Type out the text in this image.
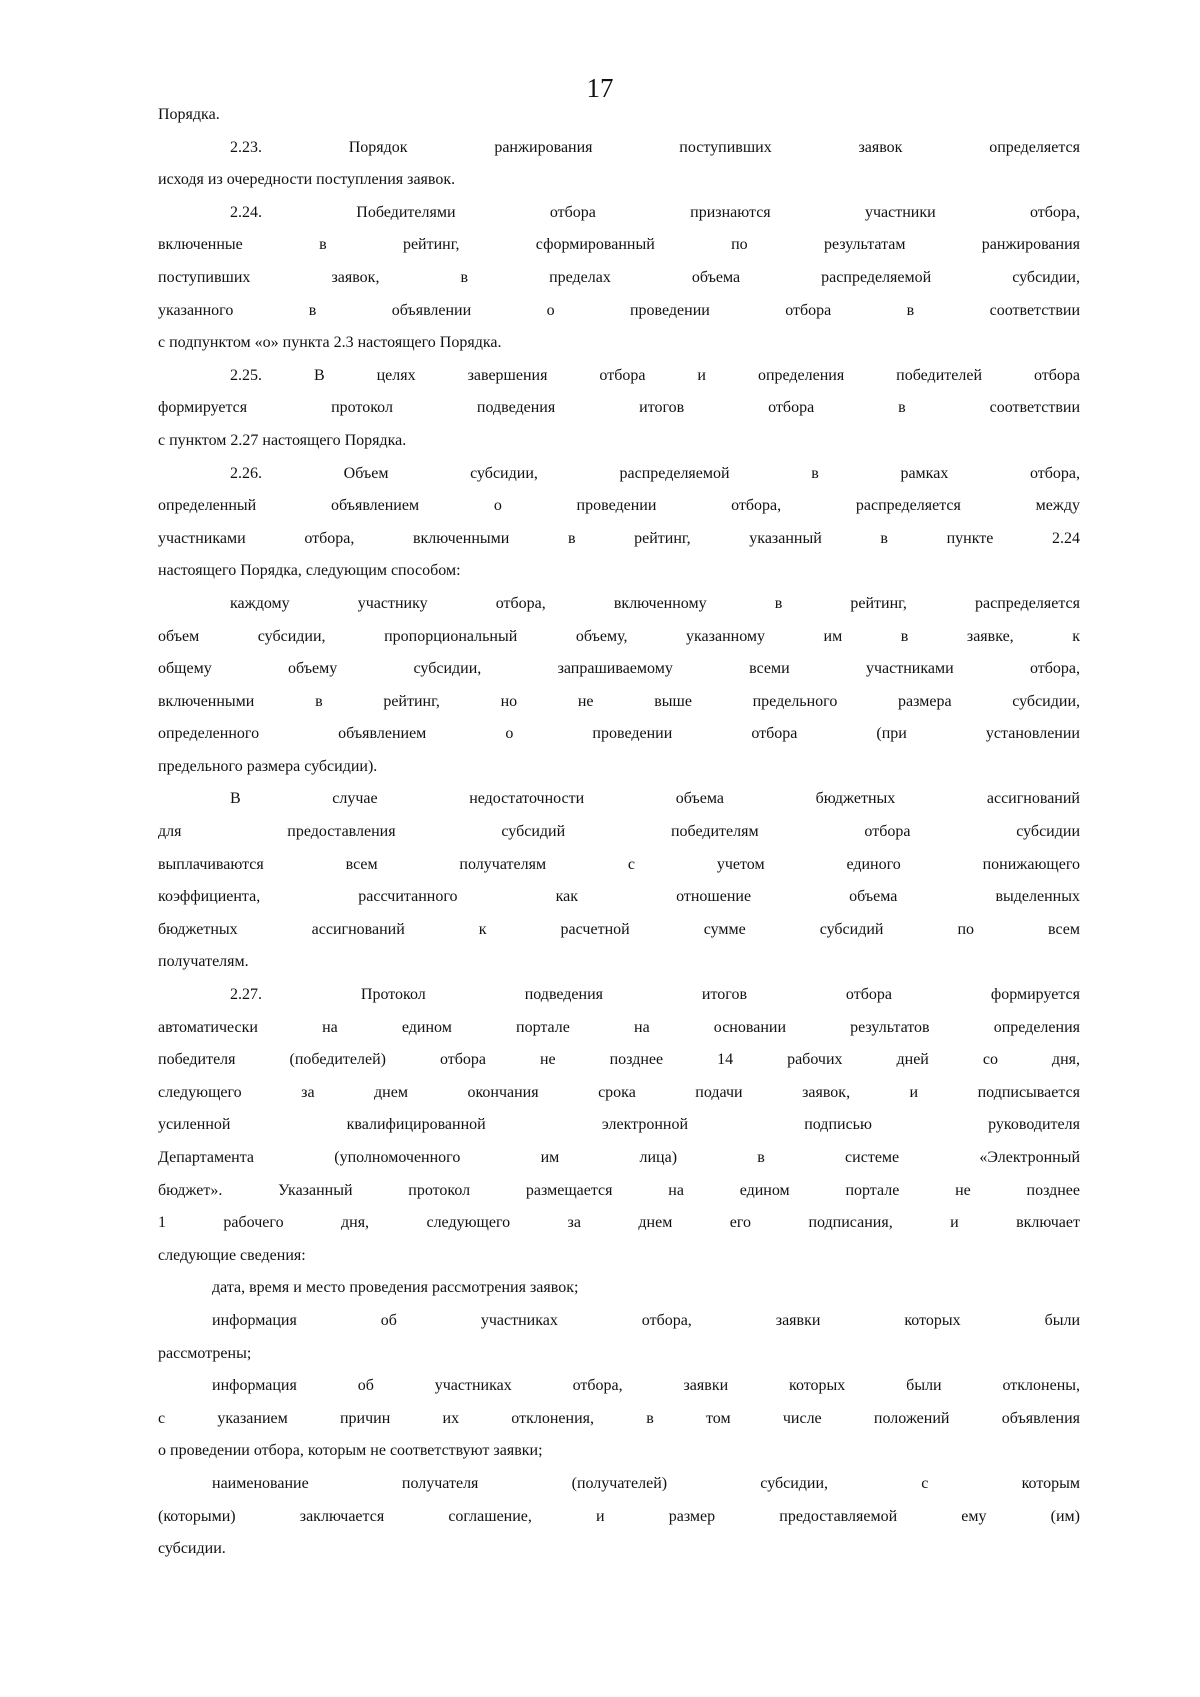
17
Порядка.
2.23. Порядок ранжирования поступивших заявок определяется
исходя из очередности поступления заявок.
2.24. Победителями отбора признаются участники отбора,
включенные в рейтинг, сформированный по результатам ранжирования
поступивших заявок, в пределах объема распределяемой субсидии,
указанного в объявлении о проведении отбора в соответствии
с подпунктом «о» пункта 2.3 настоящего Порядка.
2.25. В целях завершения отбора и определения победителей отбора
формируется протокол подведения итогов отбора в соответствии
с пунктом 2.27 настоящего Порядка.
2.26. Объем субсидии, распределяемой в рамках отбора,
определенный объявлением о проведении отбора, распределяется между
участниками отбора, включенными в рейтинг, указанный в пункте 2.24
настоящего Порядка, следующим способом:
каждому участнику отбора, включенному в рейтинг, распределяется
объем субсидии, пропорциональный объему, указанному им в заявке, к
общему объему субсидии, запрашиваемому всеми участниками отбора,
включенными в рейтинг, но не выше предельного размера субсидии,
определенного объявлением о проведении отбора (при установлении
предельного размера субсидии).
В случае недостаточности объема бюджетных ассигнований
для предоставления субсидий победителям отбора субсидии
выплачиваются всем получателям с учетом единого понижающего
коэффициента, рассчитанного как отношение объема выделенных
бюджетных ассигнований к расчетной сумме субсидий по всем
получателям.
2.27. Протокол подведения итогов отбора формируется
автоматически на едином портале на основании результатов определения
победителя (победителей) отбора не позднее 14 рабочих дней со дня,
следующего за днем окончания срока подачи заявок, и подписывается
усиленной квалифицированной электронной подписью руководителя
Департамента (уполномоченного им лица) в системе «Электронный
бюджет». Указанный протокол размещается на едином портале не позднее
1 рабочего дня, следующего за днем его подписания, и включает
следующие сведения:
дата, время и место проведения рассмотрения заявок;
информация об участниках отбора, заявки которых были
рассмотрены;
информация об участниках отбора, заявки которых были отклонены,
с указанием причин их отклонения, в том числе положений объявления
о проведении отбора, которым не соответствуют заявки;
наименование получателя (получателей) субсидии, с которым
(которыми) заключается соглашение, и размер предоставляемой ему (им)
субсидии.
